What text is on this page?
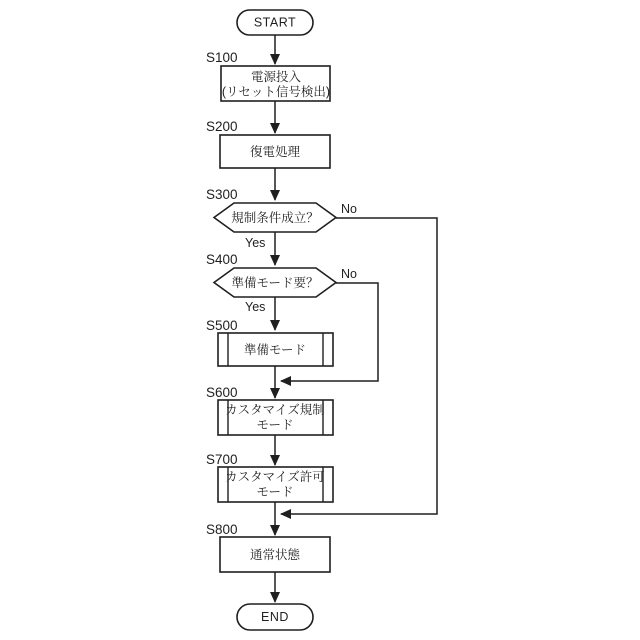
START
S100
電源投入
(リセット信号検出)
S200
復電処理
S300
規制条件成立？
No
Yes
S400
準備モード要？
No
Yes
S500
準備モード
S600
カスタマイズ規制
モード
S700
カスタマイズ許可
モード
S800
通常状態
END
